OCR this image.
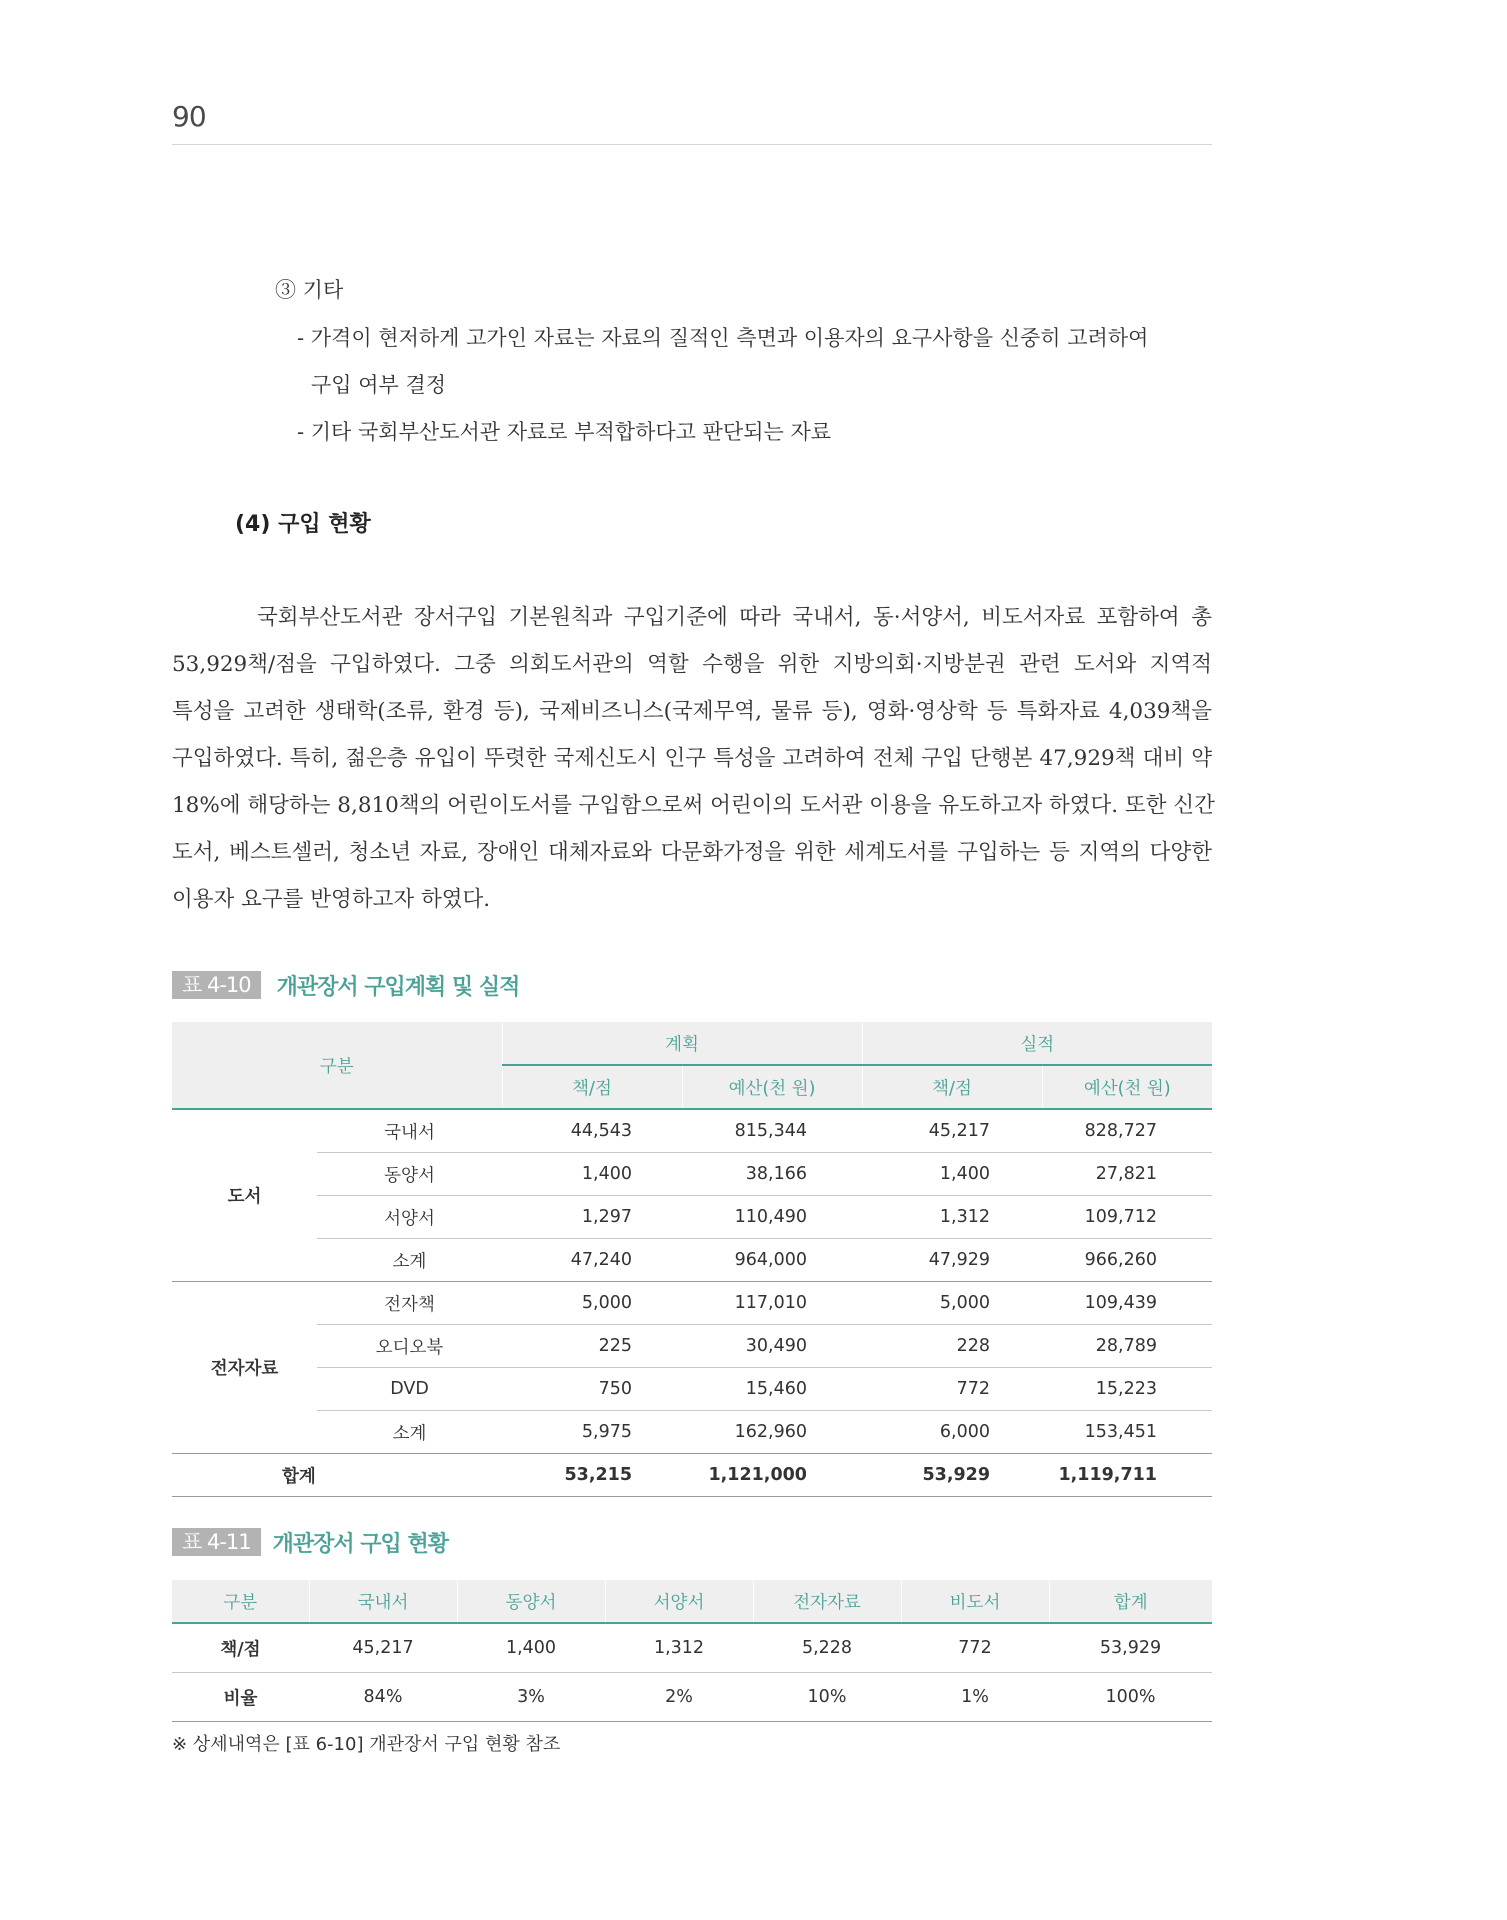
90
③ 기타
- 가격이 현저하게 고가인 자료는 자료의 질적인 측면과 이용자의 요구사항을 신중히 고려하여
구입 여부 결정
- 기타 국회부산도서관 자료로 부적합하다고 판단되는 자료
(4) 구입 현황
국회부산도서관 장서구입 기본원칙과 구입기준에 따라 국내서, 동·서양서, 비도서자료 포함하여 총
53,929책/점을 구입하였다. 그중 의회도서관의 역할 수행을 위한 지방의회·지방분권 관련 도서와 지역적
특성을 고려한 생태학(조류, 환경 등), 국제비즈니스(국제무역, 물류 등), 영화·영상학 등 특화자료 4,039책을
구입하였다. 특히, 젊은층 유입이 뚜렷한 국제신도시 인구 특성을 고려하여 전체 구입 단행본 47,929책 대비 약
18%에 해당하는 8,810책의 어린이도서를 구입함으로써 어린이의 도서관 이용을 유도하고자 하였다. 또한 신간
도서, 베스트셀러, 청소년 자료, 장애인 대체자료와 다문화가정을 위한 세계도서를 구입하는 등 지역의 다양한
이용자 요구를 반영하고자 하였다.
표 4-10	개관장서 구입계획 및 실적
구분		계획		실적	
		책/점	예산(천 원)	책/점	예산(천 원)
도서	국내서	44,543	815,344	45,217	828,727
	동양서	1,400	38,166	1,400	27,821
	서양서	1,297	110,490	1,312	109,712
	소계	47,240	964,000	47,929	966,260
전자자료	전자책	5,000	117,010	5,000	109,439
	오디오북	225	30,490	228	28,789
	DVD	750	15,460	772	15,223
	소계	5,975	162,960	6,000	153,451
합계		53,215	1,121,000	53,929	1,119,711
표 4-11	개관장서 구입 현황
구분	국내서	동양서	서양서	전자자료	비도서	합계
책/점	45,217	1,400	1,312	5,228	772	53,929
비율	84%	3%	2%	10%	1%	100%
※ 상세내역은 [표 6-10] 개관장서 구입 현황 참조
